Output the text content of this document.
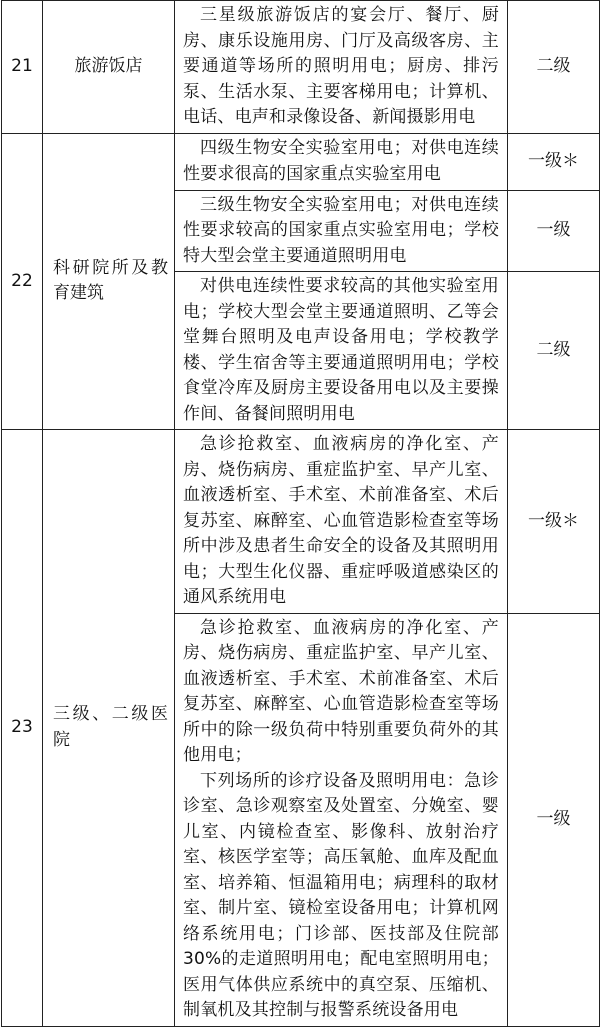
21	旅游饭店	三星级旅游饭店的宴会厅、餐厅、厨房、康乐设施用房、门厅及高级客房、主要通道等场所的照明用电；厨房、排污泵、生活水泵、主要客梯用电；计算机、电话、电声和录像设备、新闻摄影用电	二级
22	科研院所及教育建筑	四级生物安全实验室用电；对供电连续性要求很高的国家重点实验室用电	一级＊

		三级生物安全实验室用电；对供电连续性要求较高的国家重点实验室用电；学校特大型会堂主要通道照明用电	一级

		对供电连续性要求较高的其他实验室用电；学校大型会堂主要通道照明、乙等会堂舞台照明及电声设备用电；学校教学楼、学生宿舍等主要通道照明用电；学校食堂冷库及厨房主要设备用电以及主要操作间、备餐间照明用电	二级
23	三级、二级医院	急诊抢救室、血液病房的净化室、产房、烧伤病房、重症监护室、早产儿室、血液透析室、手术室、术前准备室、术后复苏室、麻醉室、心血管造影检查室等场所中涉及患者生命安全的设备及其照明用电；大型生化仪器、重症呼吸道感染区的通风系统用电	一级＊

		急诊抢救室、血液病房的净化室、产房、烧伤病房、重症监护室、早产儿室、血液透析室、手术室、术前准备室、术后复苏室、麻醉室、心血管造影检查室等场所中的除一级负荷中特别重要负荷外的其他用电；
下列场所的诊疗设备及照明用电：急诊诊室、急诊观察室及处置室、分娩室、婴儿室、内镜检查室、影像科、放射治疗室、核医学室等；高压氧舱、血库及配血室、培养箱、恒温箱用电；病理科的取材室、制片室、镜检室设备用电；计算机网络系统用电；门诊部、医技部及住院部30%的走道照明用电；配电室照明用电；医用气体供应系统中的真空泵、压缩机、制氧机及其控制与报警系统设备用电	一级
